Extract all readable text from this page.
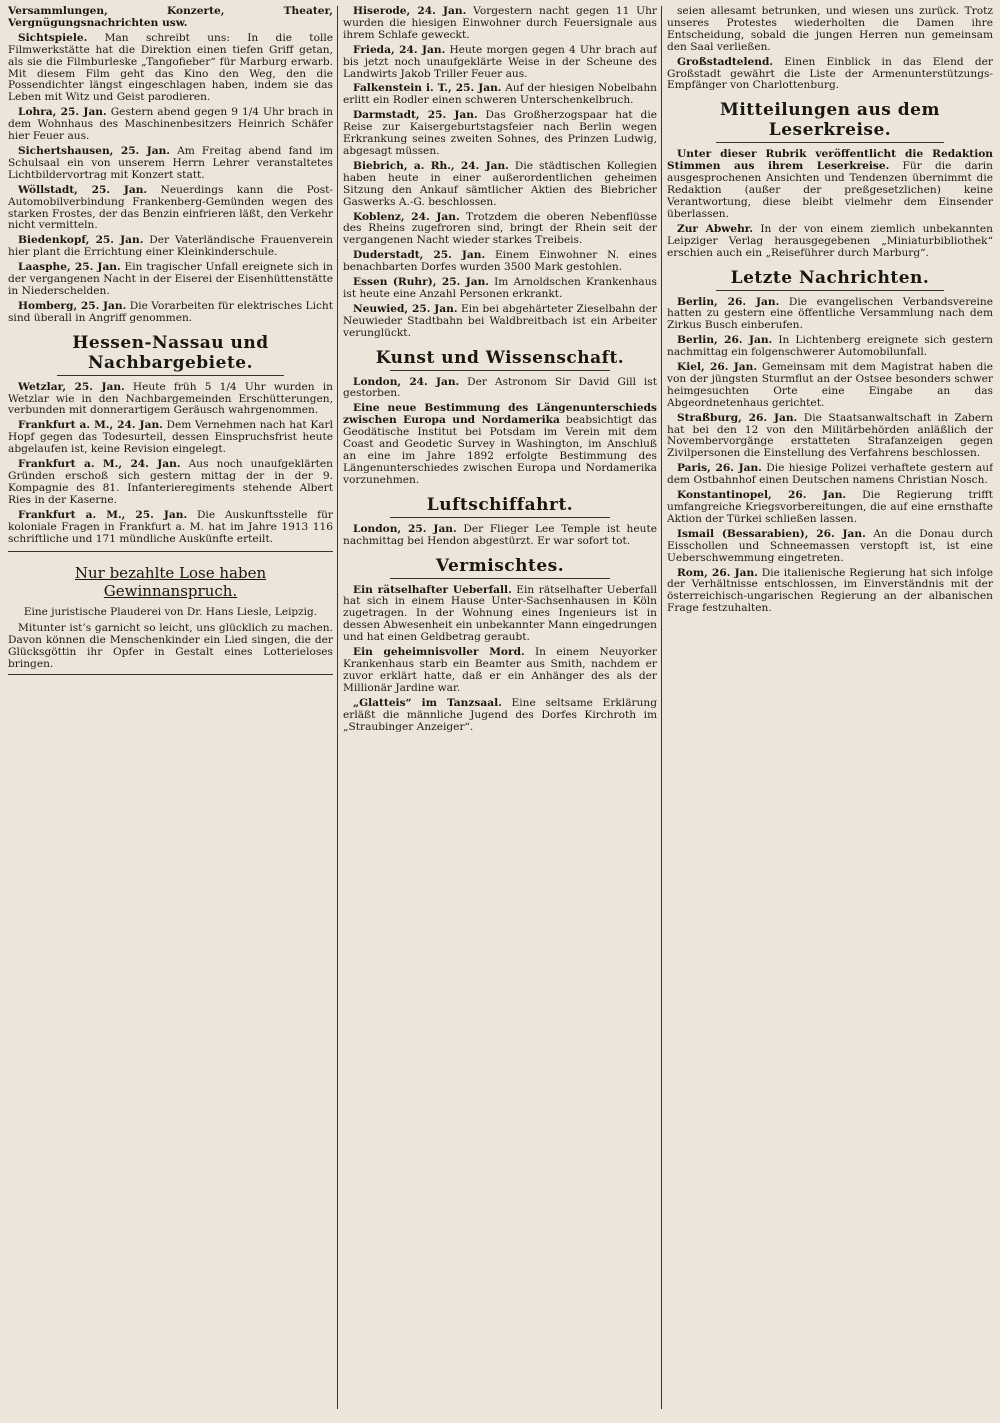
Versammlungen, Konzerte, Theater, Vergnügungsnachrichten usw.

Sichtspiele. Man schreibt uns: In die tolle Filmwerkstätte hat die Direktion einen tiefen Griff getan, als sie die Filmburleske „Tangofieber“ für Marburg erwarb. Mit diesem Film geht das Kino den Weg, den die Possendichter längst eingeschlagen haben, indem sie das Leben mit Witz und Geist parodieren.

Lohra, 25. Jan. Gestern abend gegen 9 1/4 Uhr brach in dem Wohnhaus des Maschinenbesitzers Heinrich Schäfer hier Feuer aus.

Sichertshausen, 25. Jan. Am Freitag abend fand im Schulsaal ein von unserem Herrn Lehrer veranstaltetes Lichtbildervortrag mit Konzert statt.

Wöllstadt, 25. Jan. Neuerdings kann die Post-Automobilverbindung Frankenberg-Gemünden wegen des starken Frostes, der das Benzin einfrieren läßt, den Verkehr nicht vermitteln.

Biedenkopf, 25. Jan. Der Vaterländische Frauenverein hier plant die Errichtung einer Kleinkinderschule.

Laasphe, 25. Jan. Ein tragischer Unfall ereignete sich in der vergangenen Nacht in der Eiserei der Eisenhüttenstätte in Niederschelden.

Homberg, 25. Jan. Die Vorarbeiten für elektrisches Licht sind überall in Angriff genommen.

Hessen-Nassau und Nachbargebiete.

Wetzlar, 25. Jan. Heute früh 5 1/4 Uhr wurden in Wetzlar wie in den Nachbargemeinden Erschütterungen, verbunden mit donnerartigem Geräusch wahrgenommen.

Frankfurt a. M., 24. Jan. Dem Vernehmen nach hat Karl Hopf gegen das Todesurteil, dessen Einspruchsfrist heute abgelaufen ist, keine Revision eingelegt.

Frankfurt a. M., 24. Jan. Aus noch unaufgeklärten Gründen erschoß sich gestern mittag der in der 9. Kompagnie des 81. Infanterieregiments stehende Albert Ries in der Kaserne.

Frankfurt a. M., 25. Jan. Die Auskunftsstelle für koloniale Fragen in Frankfurt a. M. hat im Jahre 1913 116 schriftliche und 171 mündliche Auskünfte erteilt.

Nur bezahlte Lose haben Gewinnanspruch.
Eine juristische Plauderei von Dr. Hans Liesle, Leipzig.

Mitunter ist’s garnicht so leicht, uns glücklich zu machen. Davon können die Menschenkinder ein Lied singen, die der Glücksgöttin ihr Opfer in Gestalt eines Lotterieloses bringen.

Hiserode, 24. Jan. Vorgestern nacht gegen 11 Uhr wurden die hiesigen Einwohner durch Feuersignale aus ihrem Schlafe geweckt.

Frieda, 24. Jan. Heute morgen gegen 4 Uhr brach auf bis jetzt noch unaufgeklärte Weise in der Scheune des Landwirts Jakob Triller Feuer aus.

Falkenstein i. T., 25. Jan. Auf der hiesigen Nobelbahn erlitt ein Rodler einen schweren Unterschenkelbruch.

Darmstadt, 25. Jan. Das Großherzogspaar hat die Reise zur Kaisergeburtstagsfeier nach Berlin wegen Erkrankung seines zweiten Sohnes, des Prinzen Ludwig, abgesagt müssen.

Biebrich, a. Rh., 24. Jan. Die städtischen Kollegien haben heute in einer außerordentlichen geheimen Sitzung den Ankauf sämtlicher Aktien des Biebricher Gaswerks A.-G. beschlossen.

Koblenz, 24. Jan. Trotzdem die oberen Nebenflüsse des Rheins zugefroren sind, bringt der Rhein seit der vergangenen Nacht wieder starkes Treibeis.

Duderstadt, 25. Jan. Einem Einwohner N. eines benachbarten Dorfes wurden 3500 Mark gestohlen.

Essen (Ruhr), 25. Jan. Im Arnoldschen Krankenhaus ist heute eine Anzahl Personen erkrankt.

Neuwied, 25. Jan. Ein bei abgehärteter Zieselbahn der Neuwieder Stadtbahn bei Waldbreitbach ist ein Arbeiter verunglückt.

Kunst und Wissenschaft.

London, 24. Jan. Der Astronom Sir David Gill ist gestorben.

Eine neue Bestimmung des Längenunterschieds zwischen Europa und Nordamerika beabsichtigt das Geodätische Institut bei Potsdam im Verein mit dem Coast and Geodetic Survey in Washington, im Anschluß an eine im Jahre 1892 erfolgte Bestimmung des Längenunterschiedes zwischen Europa und Nordamerika vorzunehmen.

Luftschiffahrt.

London, 25. Jan. Der Flieger Lee Temple ist heute nachmittag bei Hendon abgestürzt. Er war sofort tot.

Vermischtes.

Ein rätselhafter Ueberfall. Ein rätselhafter Ueberfall hat sich in einem Hause Unter-Sachsenhausen in Köln zugetragen. In der Wohnung eines Ingenieurs ist in dessen Abwesenheit ein unbekannter Mann eingedrungen und hat einen Geldbetrag geraubt.

Ein geheimnisvoller Mord. In einem Neuyorker Krankenhaus starb ein Beamter aus Smith, nachdem er zuvor erklärt hatte, daß er ein Anhänger des als der Millionär Jardine war.

„Glatteis“ im Tanzsaal. Eine seltsame Erklärung erläßt die männliche Jugend des Dorfes Kirchroth im „Straubinger Anzeiger“.

seien allesamt betrunken, und wiesen uns zurück. Trotz unseres Protestes wiederholten die Damen ihre Entscheidung, sobald die jungen Herren nun gemeinsam den Saal verließen.

Großstadtelend. Einen Einblick in das Elend der Großstadt gewährt die Liste der Armenunterstützungs-Empfänger von Charlottenburg.

Mitteilungen aus dem Leserkreise.

Unter dieser Rubrik veröffentlicht die Redaktion Stimmen aus ihrem Leserkreise. Für die darin ausgesprochenen Ansichten und Tendenzen übernimmt die Redaktion (außer der preßgesetzlichen) keine Verantwortung, diese bleibt vielmehr dem Einsender überlassen.

Zur Abwehr. In der von einem ziemlich unbekannten Leipziger Verlag herausgegebenen „Miniaturbibliothek“ erschien auch ein „Reiseführer durch Marburg“.

Letzte Nachrichten.

Berlin, 26. Jan. Die evangelischen Verbandsvereine hatten zu gestern eine öffentliche Versammlung nach dem Zirkus Busch einberufen.

Berlin, 26. Jan. In Lichtenberg ereignete sich gestern nachmittag ein folgenschwerer Automobilunfall.

Kiel, 26. Jan. Gemeinsam mit dem Magistrat haben die von der jüngsten Sturmflut an der Ostsee besonders schwer heimgesuchten Orte eine Eingabe an das Abgeordnetenhaus gerichtet.

Straßburg, 26. Jan. Die Staatsanwaltschaft in Zabern hat bei den 12 von den Militärbehörden anläßlich der Novembervorgänge erstatteten Strafanzeigen gegen Zivilpersonen die Einstellung des Verfahrens beschlossen.

Paris, 26. Jan. Die hiesige Polizei verhaftete gestern auf dem Ostbahnhof einen Deutschen namens Christian Nosch.

Konstantinopel, 26. Jan. Die Regierung trifft umfangreiche Kriegsvorbereitungen, die auf eine ernsthafte Aktion der Türkei schließen lassen.

Ismail (Bessarabien), 26. Jan. An die Donau durch Eisschollen und Schneemassen verstopft ist, ist eine Ueberschwemmung eingetreten.

Rom, 26. Jan. Die italienische Regierung hat sich infolge der Verhältnisse entschlossen, im Einverständnis mit der österreichisch-ungarischen Regierung an der albanischen Frage festzuhalten.
